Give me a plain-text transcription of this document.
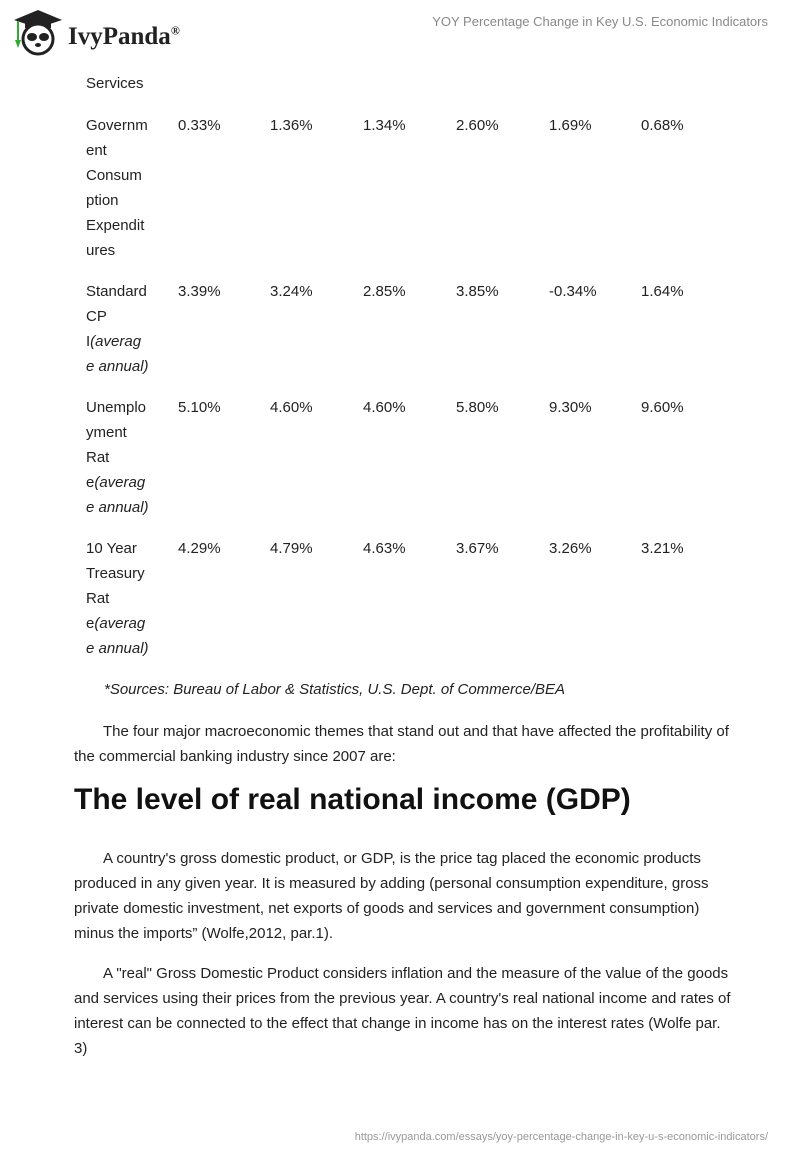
IvyPanda®
YOY Percentage Change in Key U.S. Economic Indicators
Services
Governm
ent
Consum
ption
Expendit
ures
0.33%	1.36%	1.34%	2.60%	1.69%	0.68%
Standard
CP
I(averag
e annual)
3.39%	3.24%	2.85%	3.85%	-0.34%	1.64%
Unemplo
yment
Rat
e(averag
e annual)
5.10%	4.60%	4.60%	5.80%	9.30%	9.60%
10 Year
Treasury
Rat
e(averag
e annual)
4.29%	4.79%	4.63%	3.67%	3.26%	3.21%
*Sources: Bureau of Labor & Statistics, U.S. Dept. of Commerce/BEA

The four major macroeconomic themes that stand out and that have affected the profitability of the commercial banking industry since 2007 are:

The level of real national income (GDP)

A country's gross domestic product, or GDP, is the price tag placed the economic products produced in any given year. It is measured by adding (personal consumption expenditure, gross private domestic investment, net exports of goods and services and government consumption) minus the imports” (Wolfe,2012, par.1).

A "real" Gross Domestic Product considers inflation and the measure of the value of the goods and services using their prices from the previous year. A country's real national income and rates of interest can be connected to the effect that change in income has on the interest rates (Wolfe par. 3)

https://ivypanda.com/essays/yoy-percentage-change-in-key-u-s-economic-indicators/
